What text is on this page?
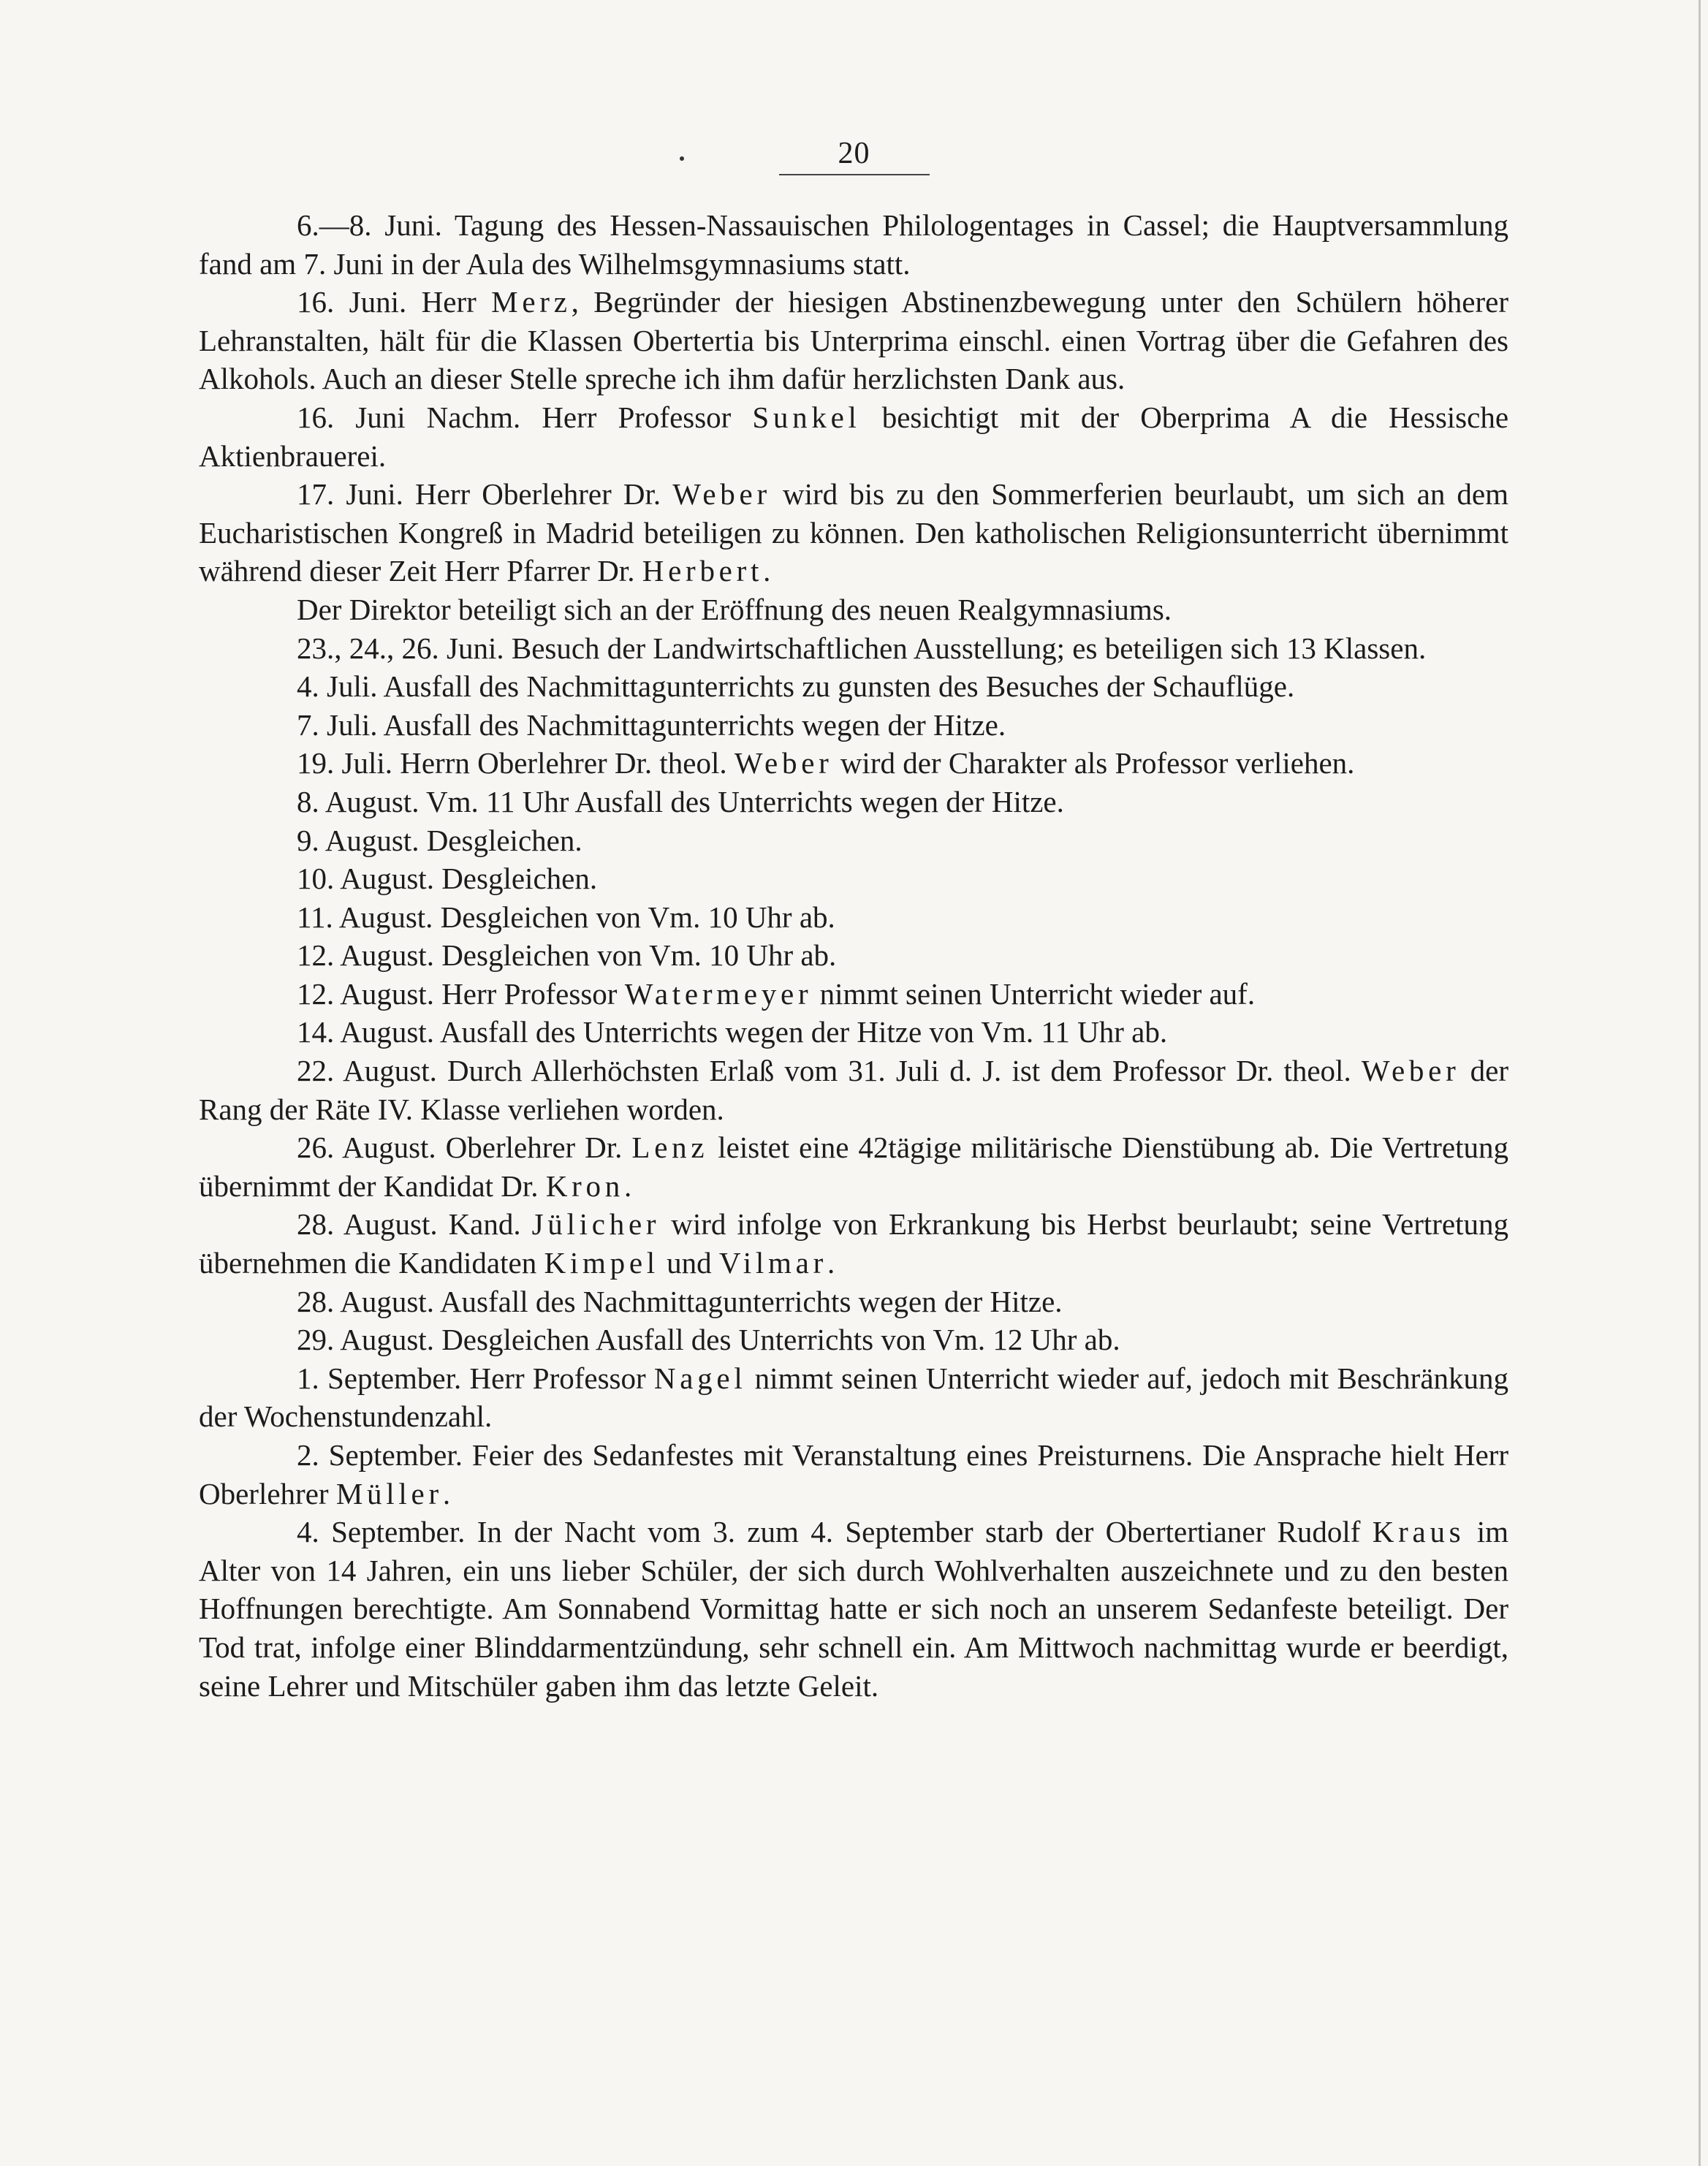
20

6.—8. Juni. Tagung des Hessen-Nassauischen Philologentages in Cassel; die Hauptversammlung fand am 7. Juni in der Aula des Wilhelmsgymnasiums statt.

16. Juni. Herr Merz, Begründer der hiesigen Abstinenzbewegung unter den Schülern höherer Lehranstalten, hält für die Klassen Obertertia bis Unterprima einschl. einen Vortrag über die Gefahren des Alkohols. Auch an dieser Stelle spreche ich ihm dafür herzlichsten Dank aus.

16. Juni Nachm. Herr Professor Sunkel besichtigt mit der Oberprima A die Hessische Aktienbrauerei.

17. Juni. Herr Oberlehrer Dr. Weber wird bis zu den Sommerferien beurlaubt, um sich an dem Eucharistischen Kongreß in Madrid beteiligen zu können. Den katholischen Religionsunterricht übernimmt während dieser Zeit Herr Pfarrer Dr. Herbert.

Der Direktor beteiligt sich an der Eröffnung des neuen Realgymnasiums.

23., 24., 26. Juni. Besuch der Landwirtschaftlichen Ausstellung; es beteiligen sich 13 Klassen.

4. Juli. Ausfall des Nachmittagunterrichts zu gunsten des Besuches der Schauflüge.

7. Juli. Ausfall des Nachmittagunterrichts wegen der Hitze.

19. Juli. Herrn Oberlehrer Dr. theol. Weber wird der Charakter als Professor verliehen.

8. August. Vm. 11 Uhr Ausfall des Unterrichts wegen der Hitze.

9. August. Desgleichen.

10. August. Desgleichen.

11. August. Desgleichen von Vm. 10 Uhr ab.

12. August. Desgleichen von Vm. 10 Uhr ab.

12. August. Herr Professor Watermeyer nimmt seinen Unterricht wieder auf.

14. August. Ausfall des Unterrichts wegen der Hitze von Vm. 11 Uhr ab.

22. August. Durch Allerhöchsten Erlaß vom 31. Juli d. J. ist dem Professor Dr. theol. Weber der Rang der Räte IV. Klasse verliehen worden.

26. August. Oberlehrer Dr. Lenz leistet eine 42tägige militärische Dienstübung ab. Die Vertretung übernimmt der Kandidat Dr. Kron.

28. August. Kand. Jülicher wird infolge von Erkrankung bis Herbst beurlaubt; seine Vertretung übernehmen die Kandidaten Kimpel und Vilmar.

28. August. Ausfall des Nachmittagunterrichts wegen der Hitze.

29. August. Desgleichen Ausfall des Unterrichts von Vm. 12 Uhr ab.

1. September. Herr Professor Nagel nimmt seinen Unterricht wieder auf, jedoch mit Beschränkung der Wochenstundenzahl.

2. September. Feier des Sedanfestes mit Veranstaltung eines Preisturnens. Die Ansprache hielt Herr Oberlehrer Müller.

4. September. In der Nacht vom 3. zum 4. September starb der Obertertianer Rudolf Kraus im Alter von 14 Jahren, ein uns lieber Schüler, der sich durch Wohlverhalten auszeichnete und zu den besten Hoffnungen berechtigte. Am Sonnabend Vormittag hatte er sich noch an unserem Sedanfeste beteiligt. Der Tod trat, infolge einer Blinddarmentzündung, sehr schnell ein. Am Mittwoch nachmittag wurde er beerdigt, seine Lehrer und Mitschüler gaben ihm das letzte Geleit.
